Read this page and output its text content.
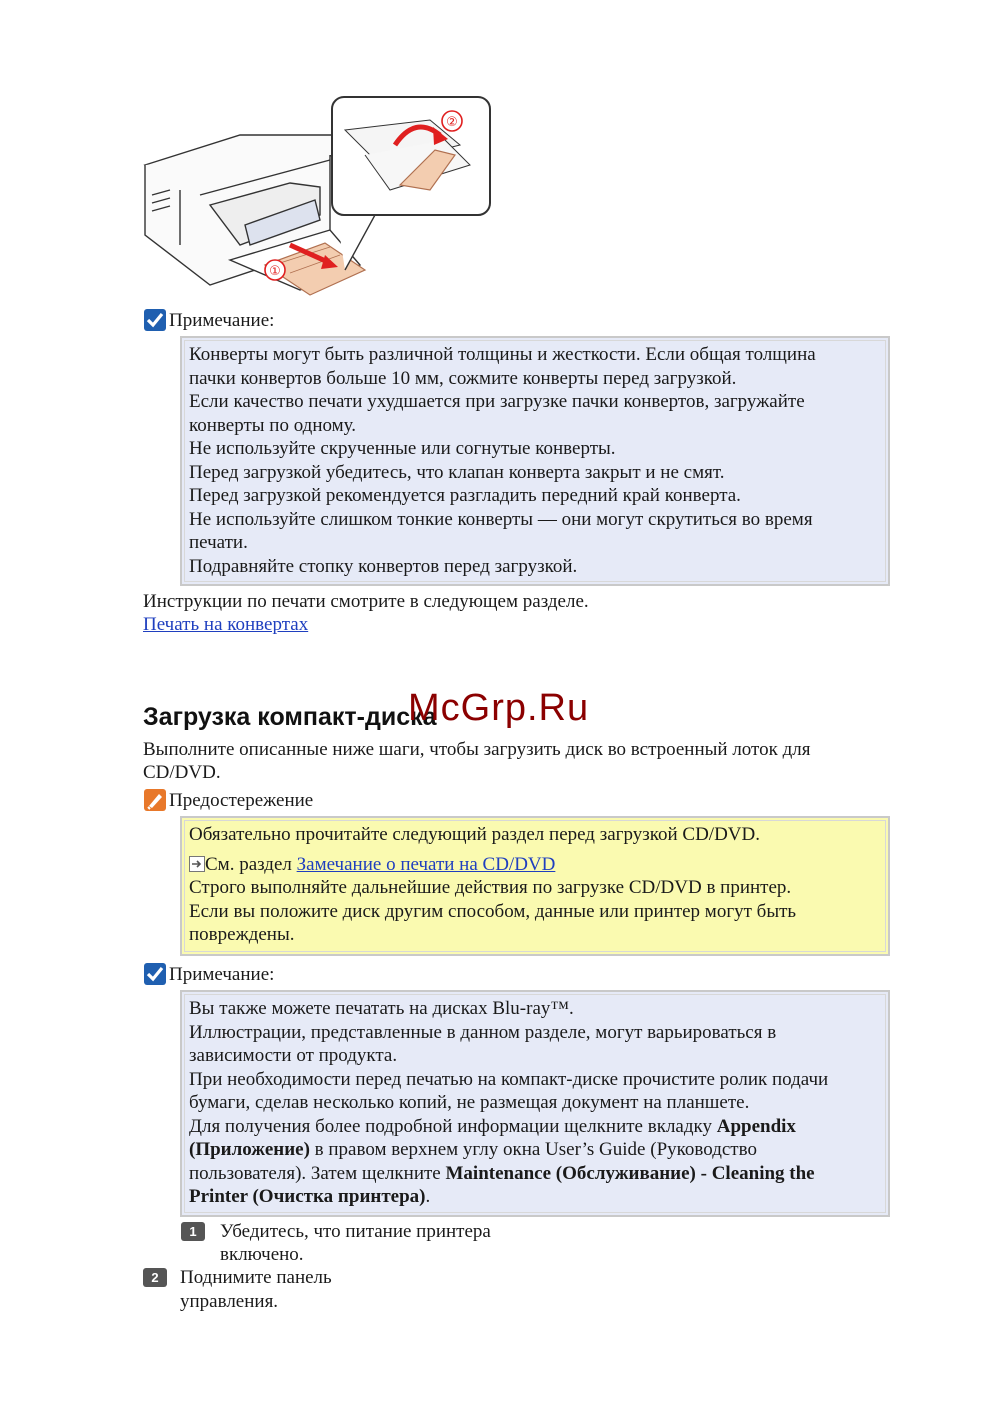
①
②
Примечание:

Конверты могут быть различной толщины и жесткости. Если общая толщина

пачки конвертов больше 10 мм, сожмите конверты перед загрузкой.

Если качество печати ухудшается при загрузке пачки конвертов, загружайте

конверты по одному.

Не используйте скрученные или согнутые конверты.

Перед загрузкой убедитесь, что клапан конверта закрыт и не смят.

Перед загрузкой рекомендуется разгладить передний край конверта.

Не используйте слишком тонкие конверты — они могут скрутиться во время

печати.

Подравняйте стопку конвертов перед загрузкой.

Инструкции по печати смотрите в следующем разделе.
Печать на конвертах
Загрузка компакт-диска
McGrp.Ru
Выполните описанные ниже шаги, чтобы загрузить диск во встроенный лоток для
CD/DVD.
Предостережение

Обязательно прочитайте следующий раздел перед загрузкой CD/DVD.

См. раздел Замечание о печати на CD/DVD

Строго выполняйте дальнейшие действия по загрузке CD/DVD в принтер.

Если вы положите диск другим способом, данные или принтер могут быть

повреждены.

Примечание:

Вы также можете печатать на дисках Blu-ray™.

Иллюстрации, представленные в данном разделе, могут варьироваться в

зависимости от продукта.

При необходимости перед печатью на компакт-диске прочистите ролик подачи

бумаги, сделав несколько копий, не размещая документ на планшете.

Для получения более подробной информации щелкните вкладку Appendix

(Приложение) в правом верхнем углу окна User’s Guide (Руководство

пользователя). Затем щелкните Maintenance (Обслуживание) - Cleaning the

Printer (Очистка принтера).

1	Убедитесь, что питание принтера
включено.
2	Поднимите панель
управления.
